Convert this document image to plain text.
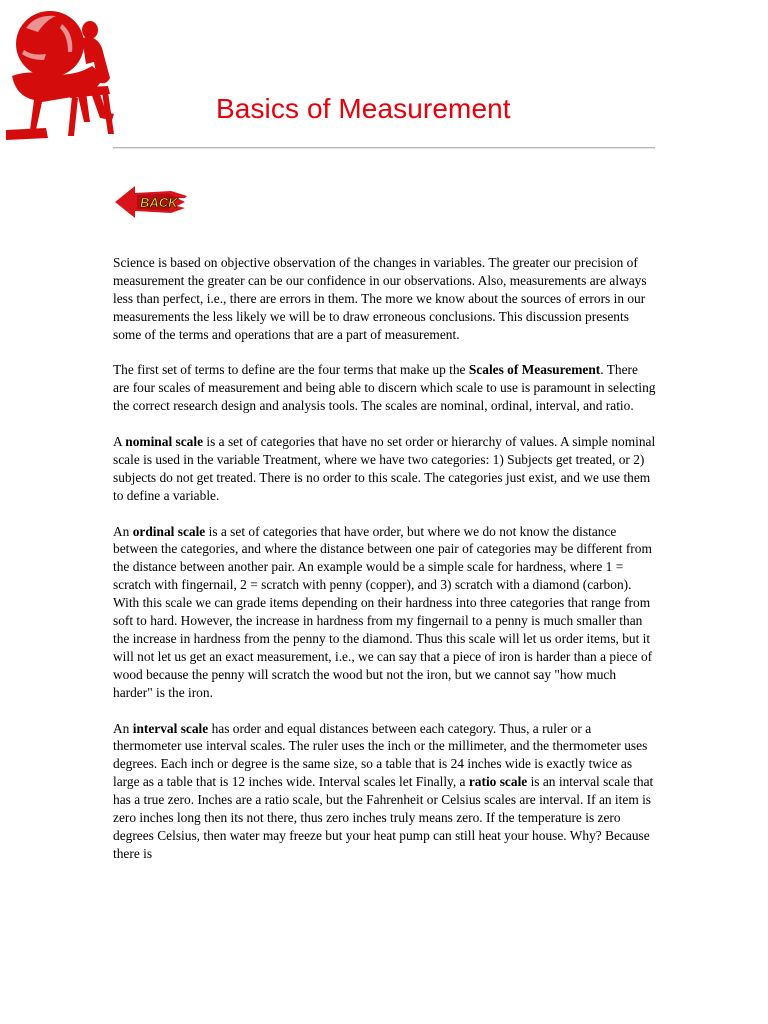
Basics of Measurement
BACK

Science is based on objective observation of the changes in variables. The greater our precision of measurement the greater can be our confidence in our observations. Also, measurements are always less than perfect, i.e., there are errors in them. The more we know about the sources of errors in our measurements the less likely we will be to draw erroneous conclusions. This discussion presents some of the terms and operations that are a part of measurement.

The first set of terms to define are the four terms that make up the Scales of Measurement. There are four scales of measurement and being able to discern which scale to use is paramount in selecting the correct research design and analysis tools. The scales are nominal, ordinal, interval, and ratio.

A nominal scale is a set of categories that have no set order or hierarchy of values. A simple nominal scale is used in the variable Treatment, where we have two categories: 1) Subjects get treated, or 2) subjects do not get treated. There is no order to this scale. The categories just exist, and we use them to define a variable.

An ordinal scale is a set of categories that have order, but where we do not know the distance between the categories, and where the distance between one pair of categories may be different from the distance between another pair. An example would be a simple scale for hardness, where 1 = scratch with fingernail, 2 = scratch with penny (copper), and 3) scratch with a diamond (carbon). With this scale we can grade items depending on their hardness into three categories that range from soft to hard. However, the increase in hardness from my fingernail to a penny is much smaller than the increase in hardness from the penny to the diamond. Thus this scale will let us order items, but it will not let us get an exact measurement, i.e., we can say that a piece of iron is harder than a piece of wood because the penny will scratch the wood but not the iron, but we cannot say "how much harder" is the iron.

An interval scale has order and equal distances between each category. Thus, a ruler or a thermometer use interval scales. The ruler uses the inch or the millimeter, and the thermometer uses degrees. Each inch or degree is the same size, so a table that is 24 inches wide is exactly twice as large as a table that is 12 inches wide. Interval scales let Finally, a ratio scale is an interval scale that has a true zero. Inches are a ratio scale, but the Fahrenheit or Celsius scales are interval. If an item is zero inches long then its not there, thus zero inches truly means zero. If the temperature is zero degrees Celsius, then water may freeze but your heat pump can still heat your house. Why? Because there is
